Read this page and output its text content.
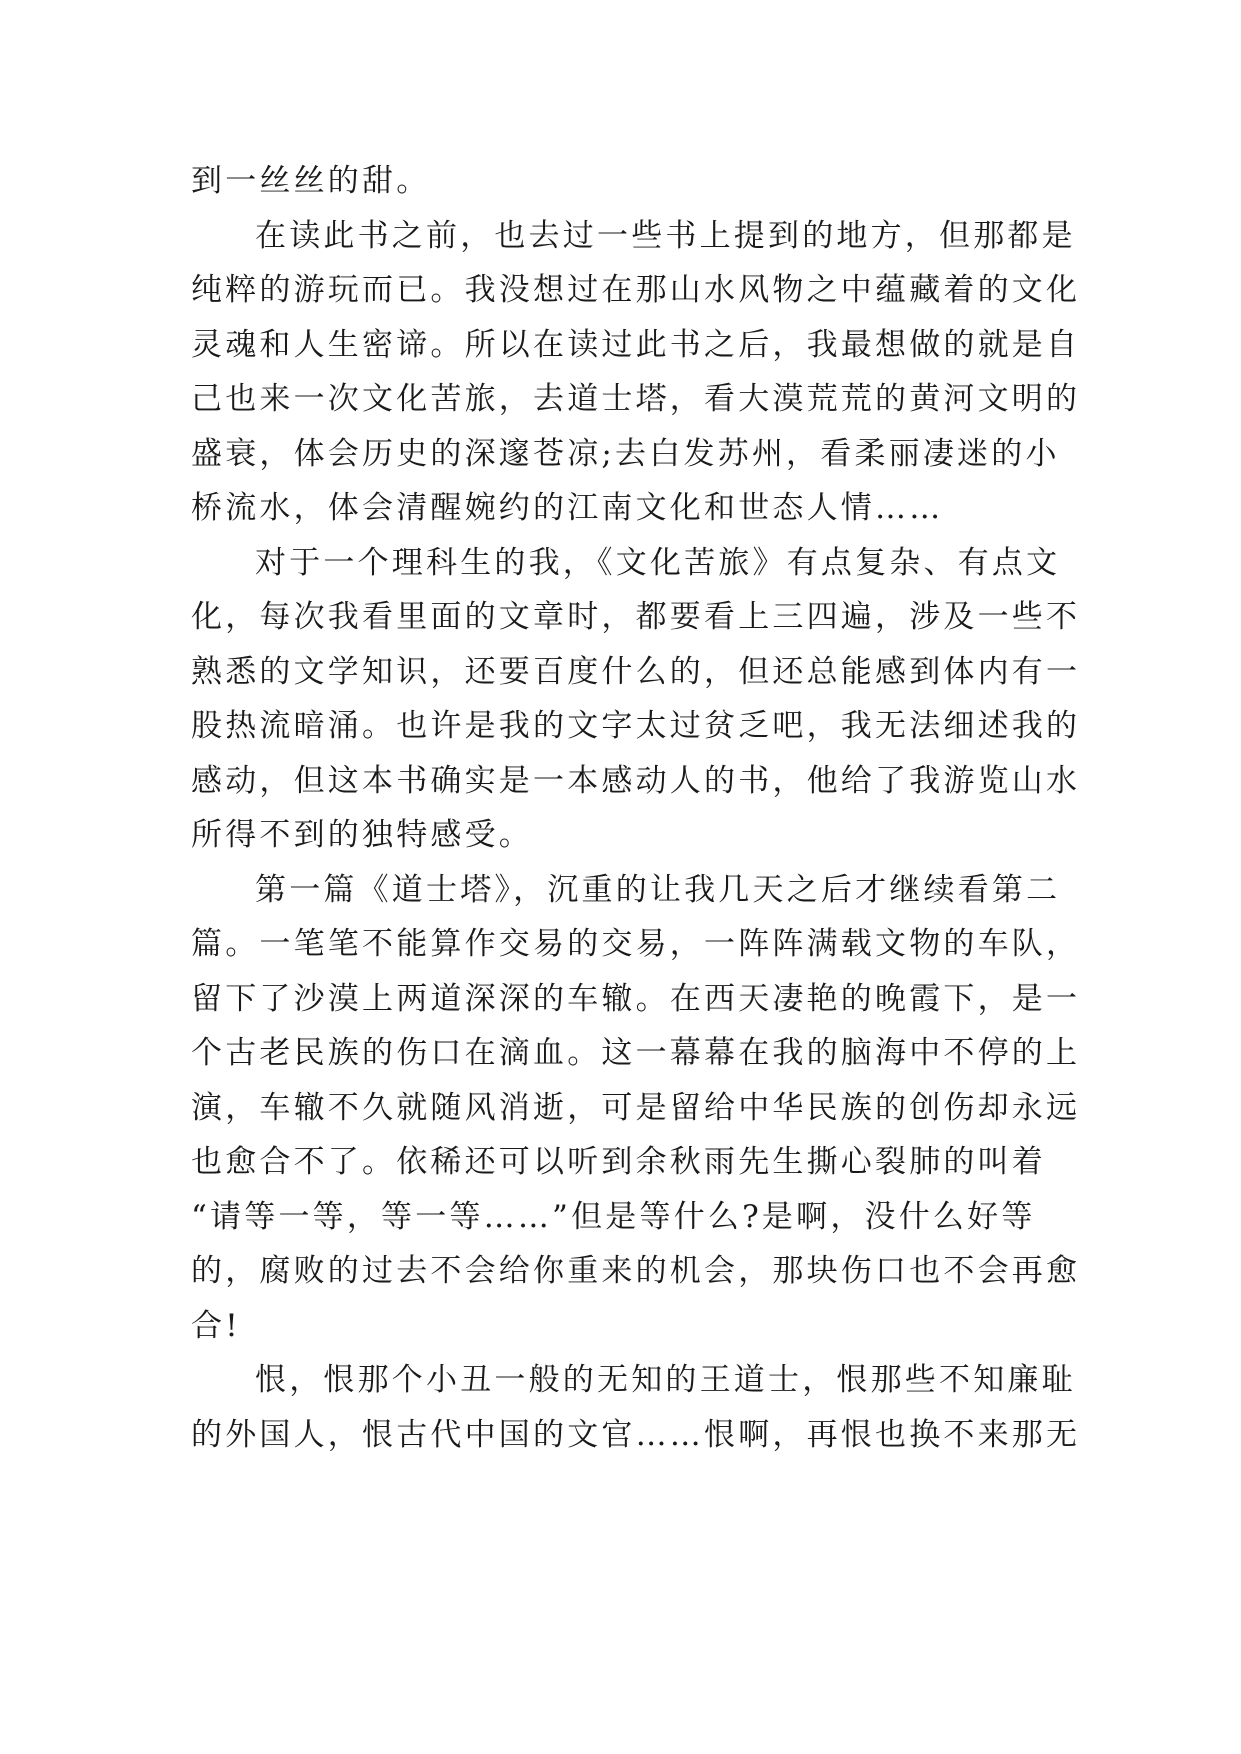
到一丝丝的甜。
在读此书之前，也去过一些书上提到的地方，但那都是
纯粹的游玩而已。我没想过在那山水风物之中蕴藏着的文化
灵魂和人生密谛。所以在读过此书之后，我最想做的就是自
己也来一次文化苦旅，去道士塔，看大漠荒荒的黄河文明的
盛衰，体会历史的深邃苍凉;去白发苏州，看柔丽凄迷的小
桥流水，体会清醒婉约的江南文化和世态人情……
对于一个理科生的我，《文化苦旅》有点复杂、有点文
化，每次我看里面的文章时，都要看上三四遍，涉及一些不
熟悉的文学知识，还要百度什么的，但还总能感到体内有一
股热流暗涌。也许是我的文字太过贫乏吧，我无法细述我的
感动，但这本书确实是一本感动人的书，他给了我游览山水
所得不到的独特感受。
第一篇《道士塔》，沉重的让我几天之后才继续看第二
篇。一笔笔不能算作交易的交易，一阵阵满载文物的车队，
留下了沙漠上两道深深的车辙。在西天凄艳的晚霞下，是一
个古老民族的伤口在滴血。这一幕幕在我的脑海中不停的上
演，车辙不久就随风消逝，可是留给中华民族的创伤却永远
也愈合不了。依稀还可以听到余秋雨先生撕心裂肺的叫着
“请等一等，等一等……”但是等什么?是啊，没什么好等
的，腐败的过去不会给你重来的机会，那块伤口也不会再愈
合!
恨，恨那个小丑一般的无知的王道士，恨那些不知廉耻
的外国人，恨古代中国的文官……恨啊，再恨也换不来那无
